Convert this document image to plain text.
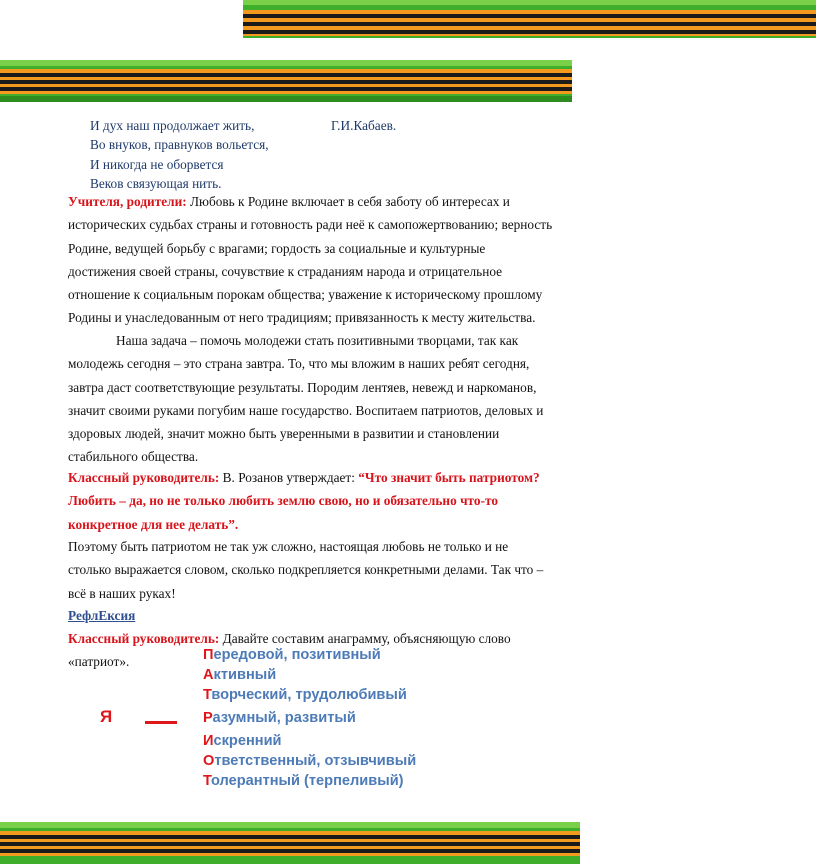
И дух наш продолжает жить,
Во внуков, правнуков вольется,
И никогда не оборвется
Веков связующая нить.
Г.И.Кабаев.
Учителя, родители: Любовь к Родине включает в себя заботу об интересах и исторических судьбах страны и готовность ради неё к самопожертвованию; верность Родине, ведущей борьбу с врагами; гордость за социальные и культурные достижения своей страны, сочувствие к страданиям народа и отрицательное отношение к социальным порокам общества; уважение к историческому прошлому Родины и унаследованным от него традициям; привязанность к месту жительства.
Наша задача – помочь молодежи стать позитивными творцами, так как молодежь сегодня – это страна завтра. То, что мы вложим в наших ребят сегодня, завтра даст соответствующие результаты. Породим лентяев, невежд и наркоманов, значит своими руками погубим наше государство. Воспитаем патриотов, деловых и здоровых людей, значит можно быть уверенными в развитии и становлении стабильного общества.
Классный руководитель: В. Розанов утверждает: “Что значит быть патриотом? Любить – да, но не только любить землю свою, но и обязательно что-то конкретное для нее делать”.
Поэтому быть патриотом не так уж сложно, настоящая любовь не только и не столько выражается словом, сколько подкрепляется конкретными делами. Так что – всё в наших руках!
РефлЕксия
Классный руководитель: Давайте составим анаграмму, объясняющую слово «патриот».
Я
Передовой, позитивный
Активный
Творческий, трудолюбивый
Разумный, развитый
Искренний
Ответственный, отзывчивый
Толерантный (терпеливый)
